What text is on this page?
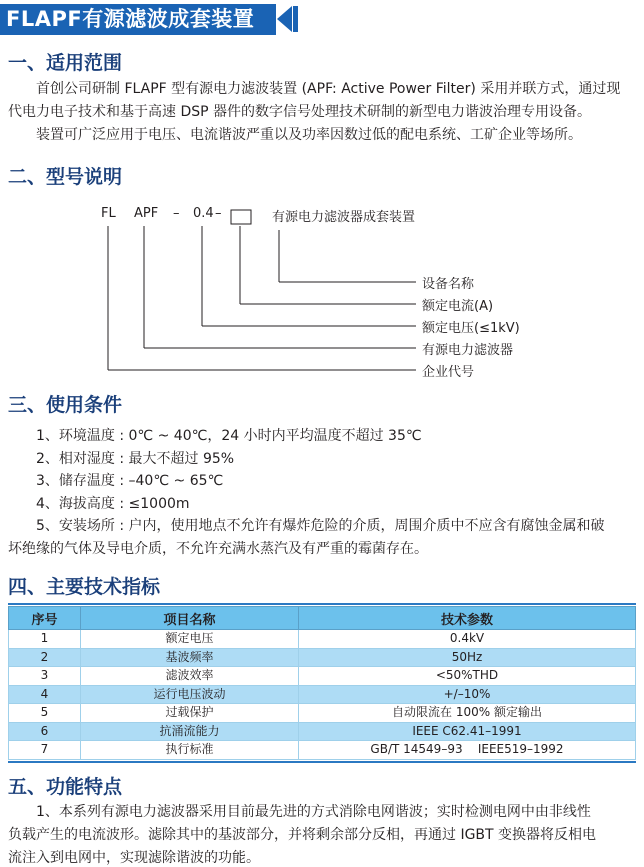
FLAPF有源滤波成套装置
一、适用范围
首创公司研制 FLAPF 型有源电力滤波装置 (APF: Active Power Filter) 采用并联方式，通过现
代电力电子技术和基于高速 DSP 器件的数字信号处理技术研制的新型电力谐波治理专用设备。
装置可广泛应用于电压、电流谐波严重以及功率因数过低的配电系统、工矿企业等场所。
二、型号说明
FL APF – 0.4 –	有源电力滤波器成套装置
设备名称
额定电流(A)
额定电压(≤1kV)
有源电力滤波器
企业代号
三、使用条件
1、环境温度 : 0℃ ~ 40℃，24 小时内平均温度不超过 35℃
2、相对湿度 : 最大不超过 95%
3、储存温度 : –40℃ ~ 65℃
4、海拔高度 : ≤1000m
5、安装场所 : 户内，使用地点不允许有爆炸危险的介质，周围介质中不应含有腐蚀金属和破
坏绝缘的气体及导电介质，不允许充满水蒸汽及有严重的霉菌存在。
四、主要技术指标
序号	项目名称	技术参数
1	额定电压	0.4kV
2	基波频率	50Hz
3	滤波效率	<50%THD
4	运行电压波动	+/–10%
5	过载保护	自动限流在 100% 额定输出
6	抗涌流能力	IEEE C62.41–1991
7	执行标准	GB/T 14549–93    IEEE519–1992
五、功能特点
1、本系列有源电力滤波器采用目前最先进的方式消除电网谐波；实时检测电网中由非线性
负载产生的电流波形。滤除其中的基波部分，并将剩余部分反相，再通过 IGBT 变换器将反相电
流注入到电网中，实现滤除谐波的功能。
